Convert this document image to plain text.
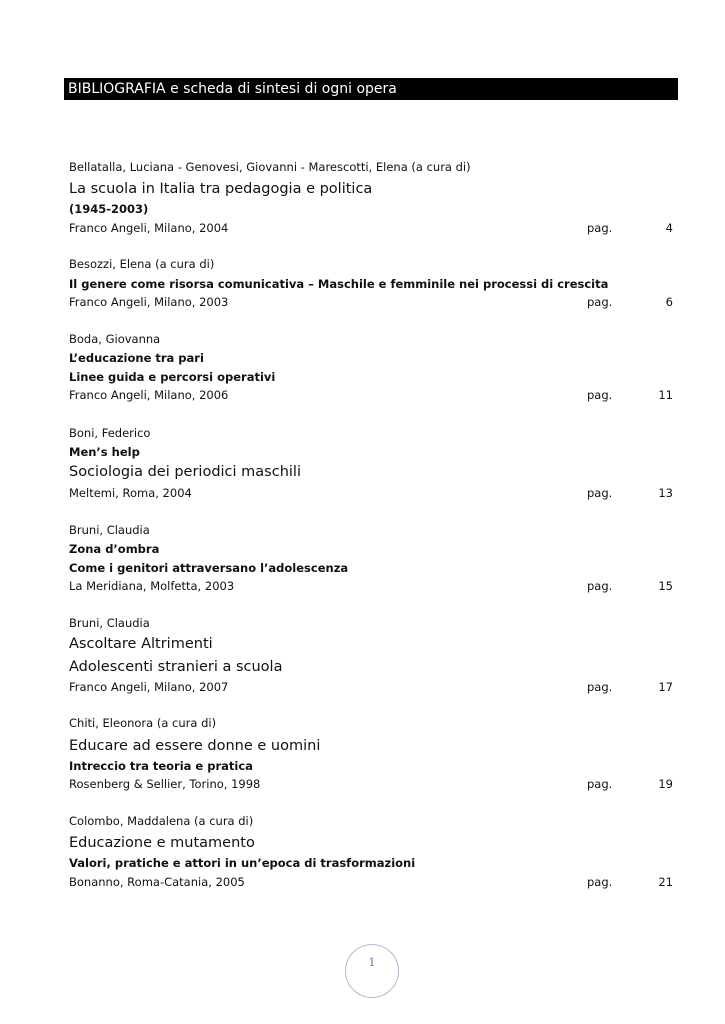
BIBLIOGRAFIA e scheda di sintesi di ogni opera
Bellatalla, Luciana - Genovesi, Giovanni - Marescotti, Elena (a cura di)
La scuola in Italia tra pedagogia e politica
(1945-2003)
Franco Angeli, Milano, 2004	pag.	4
Besozzi, Elena (a cura di)
Il genere come risorsa comunicativa – Maschile e femminile nei processi di crescita
Franco Angeli, Milano, 2003	pag.	6
Boda, Giovanna
L’educazione tra pari
Linee guida e percorsi operativi
Franco Angeli, Milano, 2006	pag.	11
Boni, Federico
Men’s help
Sociologia dei periodici maschili
Meltemi, Roma, 2004	pag.	13
Bruni, Claudia
Zona d’ombra
Come i genitori attraversano l’adolescenza
La Meridiana, Molfetta, 2003	pag.	15
Bruni, Claudia
Ascoltare Altrimenti
Adolescenti stranieri a scuola
Franco Angeli, Milano, 2007	pag.	17
Chiti, Eleonora (a cura di)
Educare ad essere donne e uomini
Intreccio tra teoria e pratica
Rosenberg & Sellier, Torino, 1998	pag.	19
Colombo, Maddalena (a cura di)
Educazione e mutamento
Valori, pratiche e attori in un’epoca di trasformazioni
Bonanno, Roma-Catania, 2005	pag.	21
1
